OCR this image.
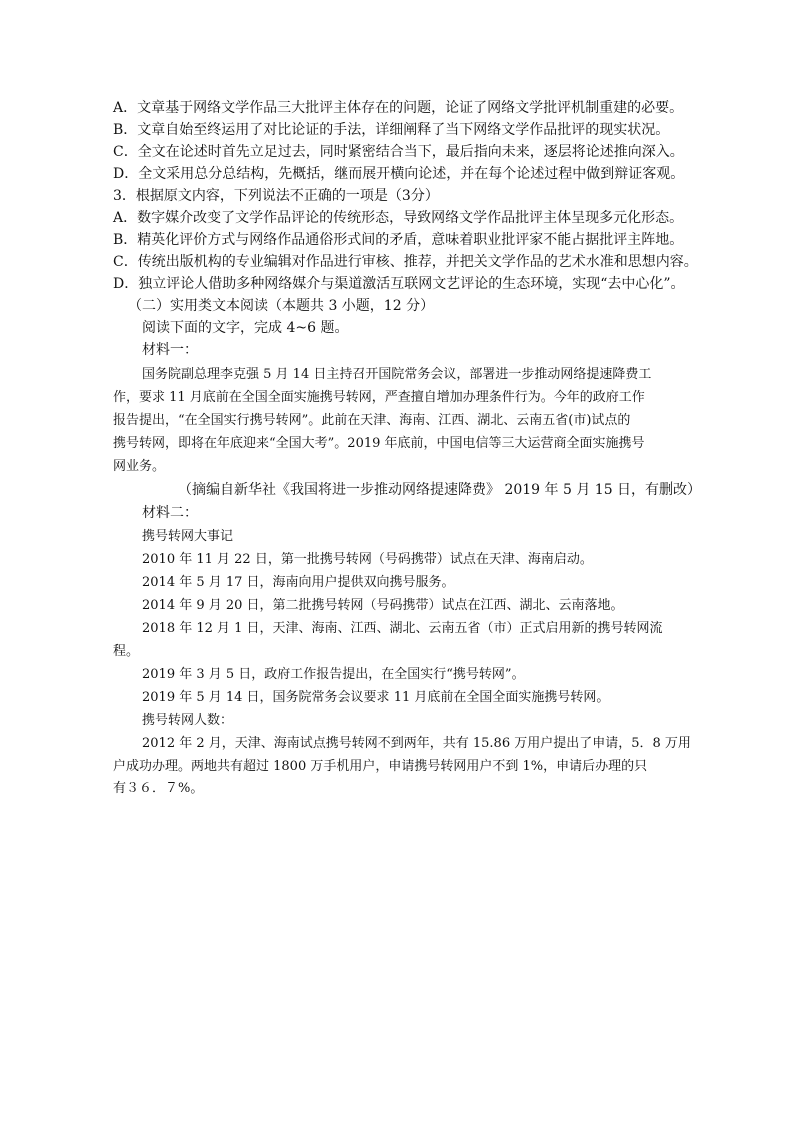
A．文章基于网络文学作品三大批评主体存在的问题，论证了网络文学批评机制重建的必要。
B．文章自始至终运用了对比论证的手法，详细阐释了当下网络文学作品批评的现实状况。
C．全文在论述时首先立足过去，同时紧密结合当下，最后指向未来，逐层将论述推向深入。
D．全文采用总分总结构，先概括，继而展开横向论述，并在每个论述过程中做到辩证客观。
3．根据原文内容，下列说法不正确的一项是（3分）
A．数字媒介改变了文学作品评论的传统形态，导致网络文学作品批评主体呈现多元化形态。
B．精英化评价方式与网络作品通俗形式间的矛盾，意味着职业批评家不能占据批评主阵地。
C．传统出版机构的专业编辑对作品进行审核、推荐，并把关文学作品的艺术水准和思想内容。
D．独立评论人借助多种网络媒介与渠道激活互联网文艺评论的生态环境，实现“去中心化”。
（二）实用类文本阅读（本题共 3 小题，12 分）
阅读下面的文字，完成 4~6 题。
材料一：
国务院副总理李克强 5 月 14 日主持召开国院常务会议，部署进一步推动网络提速降费工
作，要求 11 月底前在全国全面实施携号转网，严查擅自增加办理条件行为。今年的政府工作
报告提出，“在全国实行携号转网”。此前在天津、海南、江西、湖北、云南五省(市)试点的
携号转网，即将在年底迎来“全国大考”。2019 年底前，中国电信等三大运营商全面实施携号
网业务。
（摘编自新华社《我国将进一步推动网络提速降费》 2019 年 5 月 15 日，有删改）
材料二：
携号转网大事记
2010 年 11 月 22 日，第一批携号转网（号码携带）试点在天津、海南启动。
2014 年 5 月 17 日，海南向用户提供双向携号服务。
2014 年 9 月 20 日，第二批携号转网（号码携带）试点在江西、湖北、云南落地。
2018 年 12 月 1 日，天津、海南、江西、湖北、云南五省（市）正式启用新的携号转网流
程。
2019 年 3 月 5 日，政府工作报告提出，在全国实行“携号转网”。
2019 年 5 月 14 日，国务院常务会议要求 11 月底前在全国全面实施携号转网。
携号转网人数：
2012 年 2 月，天津、海南试点携号转网不到两年，共有 15.86 万用户提出了申请，5．8 万用
户成功办理。两地共有超过 1800 万手机用户，申请携号转网用户不到 1%，申请后办理的只
有３６．７%。
